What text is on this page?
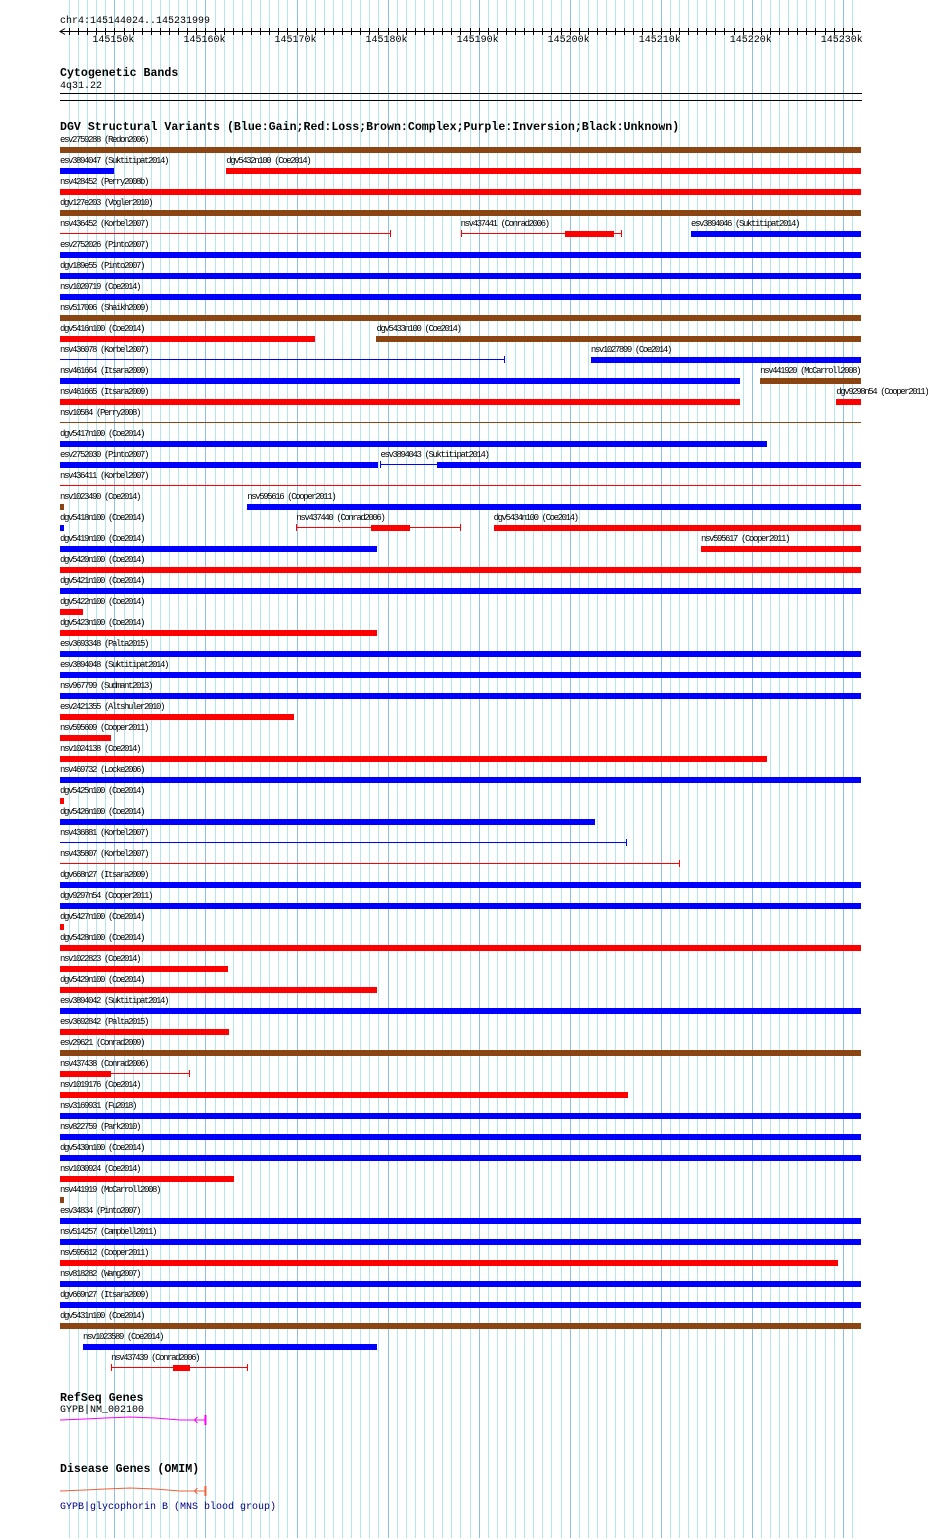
chr4:145144024..145231999
145150k	145160k	145170k	145180k	145190k	145200k	145210k	145220k	145230k
Cytogenetic Bands
4q31.22
DGV Structural Variants (Blue:Gain;Red:Loss;Brown:Complex;Purple:Inversion;Black:Unknown)
esv2759288 (Redon2006)
esv3894047 (Suktitipat2014)	dgv5432n100 (Coe2014)
nsv428452 (Perry2008b)
dgv127e203 (Vogler2010)
nsv436452 (Korbel2007)	nsv437441 (Conrad2006)	esv3894046 (Suktitipat2014)
esv2752026 (Pinto2007)
dgv189e55 (Pinto2007)
nsv1020719 (Coe2014)
nsv517006 (Shaikh2009)
dgv5416n100 (Coe2014)	dgv5433n100 (Coe2014)
nsv436078 (Korbel2007)	nsv1027899 (Coe2014)
nsv461664 (Itsara2009)	nsv441920 (McCarroll2008)
nsv461665 (Itsara2009)	dgv9298n54 (Cooper2011)
nsv10584 (Perry2008)
dgv5417n100 (Coe2014)
esv2752030 (Pinto2007)	esv3894043 (Suktitipat2014)
nsv436411 (Korbel2007)
nsv1023490 (Coe2014)	nsv595616 (Cooper2011)
dgv5418n100 (Coe2014)	nsv437440 (Conrad2006)	dgv5434n100 (Coe2014)
dgv5419n100 (Coe2014)	nsv595617 (Cooper2011)
dgv5420n100 (Coe2014)
dgv5421n100 (Coe2014)
dgv5422n100 (Coe2014)
dgv5423n100 (Coe2014)
esv3693348 (Palta2015)
esv3894048 (Suktitipat2014)
nsv967799 (Sudmant2013)
esv2421355 (Altshuler2010)
nsv595609 (Cooper2011)
nsv1024138 (Coe2014)
nsv469732 (Locke2006)
dgv5425n100 (Coe2014)
dgv5426n100 (Coe2014)
nsv436881 (Korbel2007)
nsv435807 (Korbel2007)
dgv668n27 (Itsara2009)
dgv9297n54 (Cooper2011)
dgv5427n100 (Coe2014)
dgv5428n100 (Coe2014)
nsv1022823 (Coe2014)
dgv5429n100 (Coe2014)
esv3894042 (Suktitipat2014)
esv3692842 (Palta2015)
esv29621 (Conrad2009)
nsv437438 (Conrad2006)
nsv1019176 (Coe2014)
nsv3169931 (Fu2018)
nsv822759 (Park2010)
dgv5430n100 (Coe2014)
nsv1030924 (Coe2014)
nsv441919 (McCarroll2008)
esv34834 (Pinto2007)
nsv514257 (Campbell2011)
nsv595612 (Cooper2011)
nsv818282 (Wang2007)
dgv669n27 (Itsara2009)
dgv5431n100 (Coe2014)
nsv1023589 (Coe2014)
nsv437439 (Conrad2006)
RefSeq Genes
GYPB|NM_002100
Disease Genes (OMIM)
GYPB|glycophorin B (MNS blood group)
